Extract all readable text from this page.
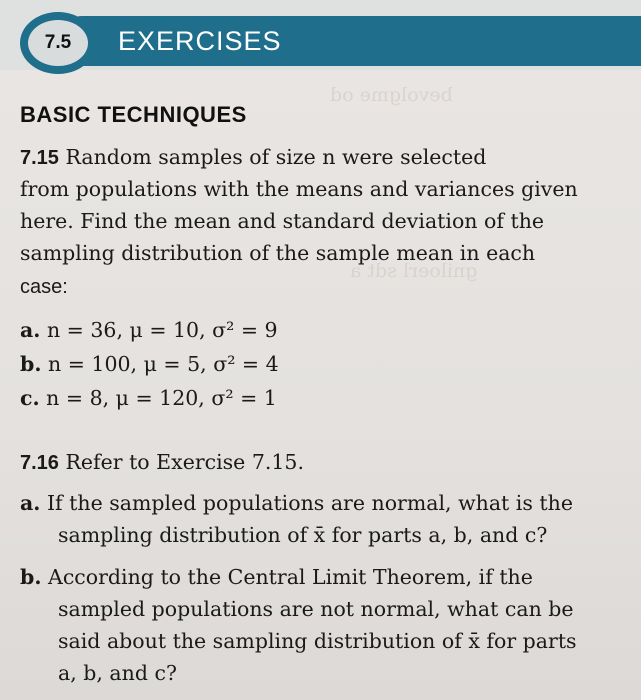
7.5	EXERCISES
bevolgme od
gniloerl sdt a
BASIC TECHNIQUES
7.15 Random samples of size n were selected
from populations with the means and variances given
here. Find the mean and standard deviation of the
sampling distribution of the sample mean in each
case:
a. n = 36, μ = 10, σ² = 9
b. n = 100, μ = 5, σ² = 4
c. n = 8, μ = 120, σ² = 1
7.16 Refer to Exercise 7.15.
a. If the sampled populations are normal, what is the
sampling distribution of x̄ for parts a, b, and c?
b. According to the Central Limit Theorem, if the
sampled populations are not normal, what can be
said about the sampling distribution of x̄ for parts
a, b, and c?
